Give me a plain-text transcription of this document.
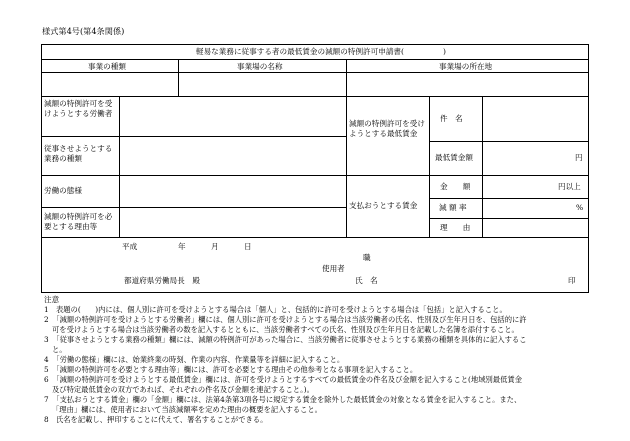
様式第4号(第4条関係)
軽易な業務に従事する者の最低賃金の減額の特例許可申請書(	)
事業の種類	事業場の名称	事業場の所在地
減額の特例許可を受けようとする労働者
従事させようとする業務の種類
労働の態様
減額の特例許可を必要とする理由等
減額の特例許可を受けようとする最低賃金
件　名
最低賃金額	円
支払おうとする賃金
金　　額	円以上
減 額 率	%
理　　由
平成	年	月	日
職
使用者
氏　名	印
都道府県労働局長　殿
注意
1　表題の(　　)内には、個人別に許可を受けようとする場合は「個人」と、包括的に許可を受けようとする場合は「包括」と記入すること。
2　「減額の特例許可を受けようとする労働者」欄には、個人別に許可を受けようとする場合は当該労働者の氏名、性別及び生年月日を、包括的に許
可を受けようとする場合は当該労働者の数を記入するとともに、当該労働者すべての氏名、性別及び生年月日を記載した名簿を添付すること。
3　「従事させようとする業務の種類」欄には、減額の特例許可があった場合に、当該労働者に従事させようとする業務の種類を具体的に記入するこ
と。
4　「労働の態様」欄には、始業終業の時刻、作業の内容、作業量等を詳細に記入すること。
5　「減額の特例許可を必要とする理由等」欄には、許可を必要とする理由その他参考となる事項を記入すること。
6　「減額の特例許可を受けようとする最低賃金」欄には、許可を受けようとするすべての最低賃金の件名及び金額を記入すること(地域別最低賃金
及び特定最低賃金の双方であれば、それぞれの件名及び金額を連記すること。)。
7　「支払おうとする賃金」欄の「金額」欄には、法第4条第3項各号に規定する賃金を除外した最低賃金の対象となる賃金を記入すること。また、
「理由」欄には、使用者において当該減額率を定めた理由の概要を記入すること。
8　氏名を記載し、押印することに代えて、署名することができる。
